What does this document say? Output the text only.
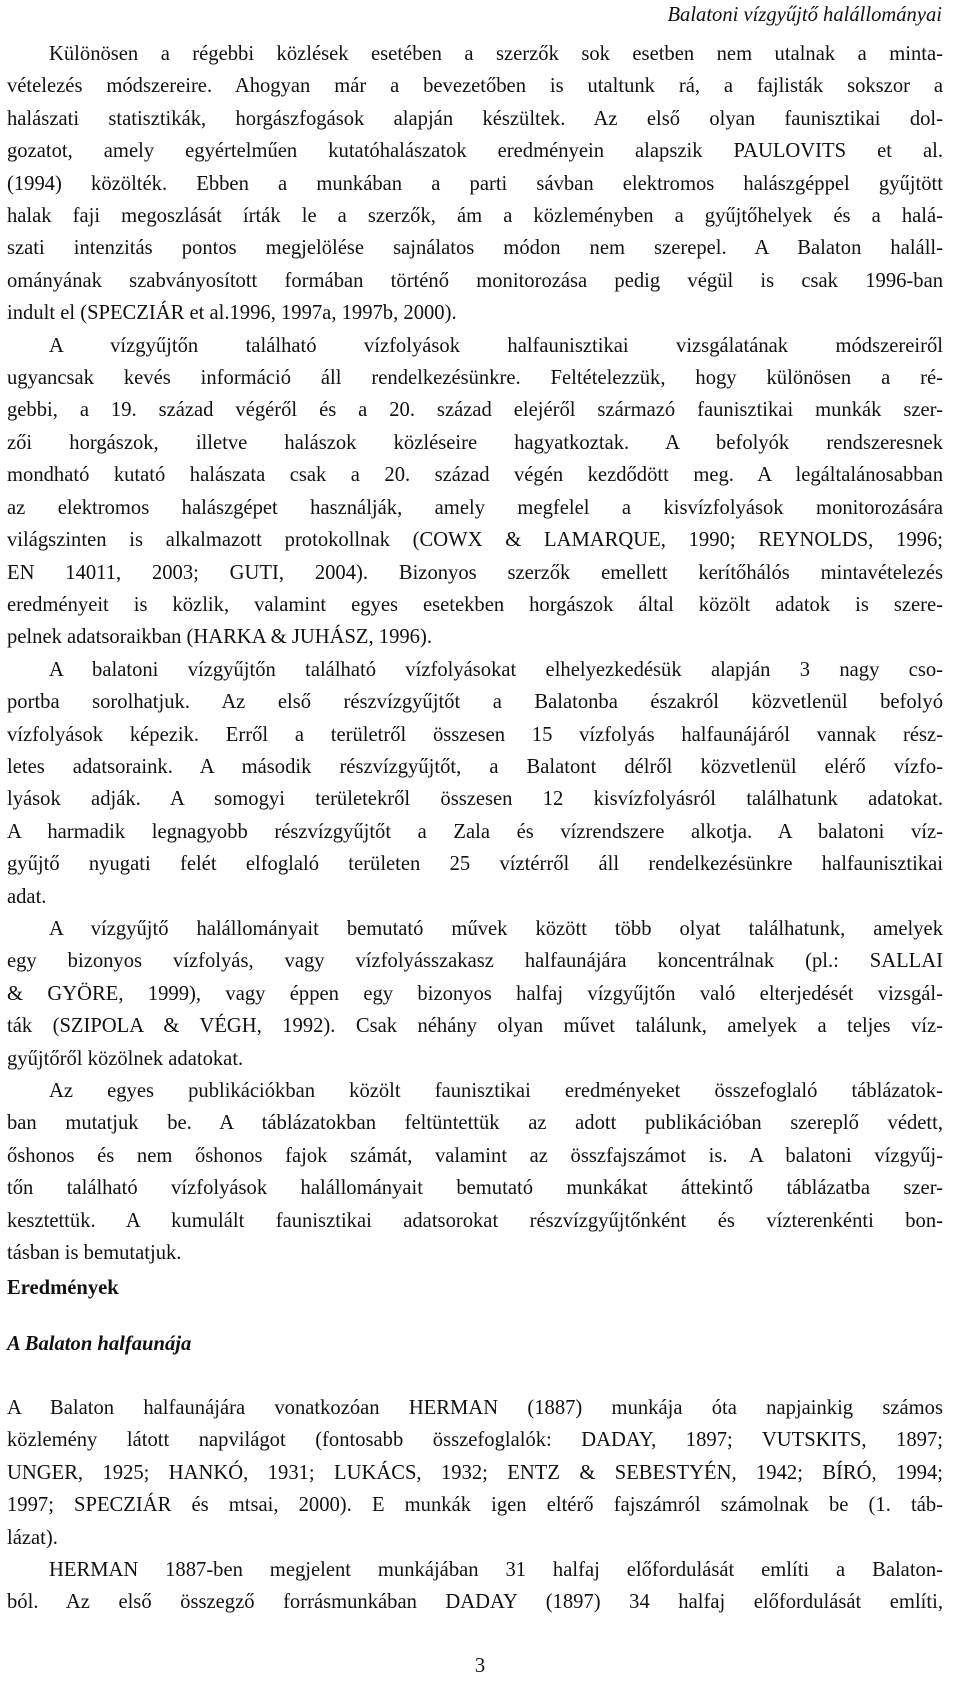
Balatoni vízgyűjtő halállományai
Különösen a régebbi közlések esetében a szerzők sok esetben nem utalnak a minta-
vételezés módszereire. Ahogyan már a bevezetőben is utaltunk rá, a fajlisták sokszor a
halászati statisztikák, horgászfogások alapján készültek. Az első olyan faunisztikai dol-
gozatot, amely egyértelműen kutatóhalászatok eredményein alapszik PAULOVITS et al.
(1994) közölték. Ebben a munkában a parti sávban elektromos halászgéppel gyűjtött
halak faji megoszlását írták le a szerzők, ám a közleményben a gyűjtőhelyek és a halá-
szati intenzitás pontos megjelölése sajnálatos módon nem szerepel. A Balaton haláll-
ományának szabványosított formában történő monitorozása pedig végül is csak 1996-ban
indult el (SPECZIÁR et al.1996, 1997a, 1997b, 2000).
A vízgyűjtőn található vízfolyások halfaunisztikai vizsgálatának módszereiről
ugyancsak kevés információ áll rendelkezésünkre. Feltételezzük, hogy különösen a ré-
gebbi, a 19. század végéről és a 20. század elejéről származó faunisztikai munkák szer-
zői horgászok, illetve halászok közléseire hagyatkoztak. A befolyók rendszeresnek
mondható kutató halászata csak a 20. század végén kezdődött meg. A legáltalánosabban
az elektromos halászgépet használják, amely megfelel a kisvízfolyások monitorozására
világszinten is alkalmazott protokollnak (COWX & LAMARQUE, 1990; REYNOLDS, 1996;
EN 14011, 2003; GUTI, 2004). Bizonyos szerzők emellett kerítőhálós mintavételezés
eredményeit is közlik, valamint egyes esetekben horgászok által közölt adatok is szere-
pelnek adatsoraikban (HARKA & JUHÁSZ, 1996).
A balatoni vízgyűjtőn található vízfolyásokat elhelyezkedésük alapján 3 nagy cso-
portba sorolhatjuk. Az első részvízgyűjtőt a Balatonba északról közvetlenül befolyó
vízfolyások képezik. Erről a területről összesen 15 vízfolyás halfaunájáról vannak rész-
letes adatsoraink. A második részvízgyűjtőt, a Balatont délről közvetlenül elérő vízfo-
lyások adják. A somogyi területekről összesen 12 kisvízfolyásról találhatunk adatokat.
A harmadik legnagyobb részvízgyűjtőt a Zala és vízrendszere alkotja. A balatoni víz-
gyűjtő nyugati felét elfoglaló területen 25 víztérről áll rendelkezésünkre halfaunisztikai
adat.
A vízgyűjtő halállományait bemutató művek között több olyat találhatunk, amelyek
egy bizonyos vízfolyás, vagy vízfolyásszakasz halfaunájára koncentrálnak (pl.: SALLAI
& GYÖRE, 1999), vagy éppen egy bizonyos halfaj vízgyűjtőn való elterjedését vizsgál-
ták (SZIPOLA & VÉGH, 1992). Csak néhány olyan művet találunk, amelyek a teljes víz-
gyűjtőről közölnek adatokat.
Az egyes publikációkban közölt faunisztikai eredményeket összefoglaló táblázatok-
ban mutatjuk be. A táblázatokban feltüntettük az adott publikációban szereplő védett,
őshonos és nem őshonos fajok számát, valamint az összfajszámot is. A balatoni vízgyűj-
tőn található vízfolyások halállományait bemutató munkákat áttekintő táblázatba szer-
kesztettük. A kumulált faunisztikai adatsorokat részvízgyűjtőnként és vízterenkénti bon-
tásban is bemutatjuk.
Eredmények
A Balaton halfaunája
A Balaton halfaunájára vonatkozóan HERMAN (1887) munkája óta napjainkig számos
közlemény látott napvilágot (fontosabb összefoglalók: DADAY, 1897; VUTSKITS, 1897;
UNGER, 1925; HANKÓ, 1931; LUKÁCS, 1932; ENTZ & SEBESTYÉN, 1942; BÍRÓ, 1994;
1997; SPECZIÁR és mtsai, 2000). E munkák igen eltérő fajszámról számolnak be (1. táb-
lázat).
HERMAN 1887-ben megjelent munkájában 31 halfaj előfordulását említi a Balaton-
ból. Az első összegző forrásmunkában DADAY (1897) 34 halfaj előfordulását említi,
3
